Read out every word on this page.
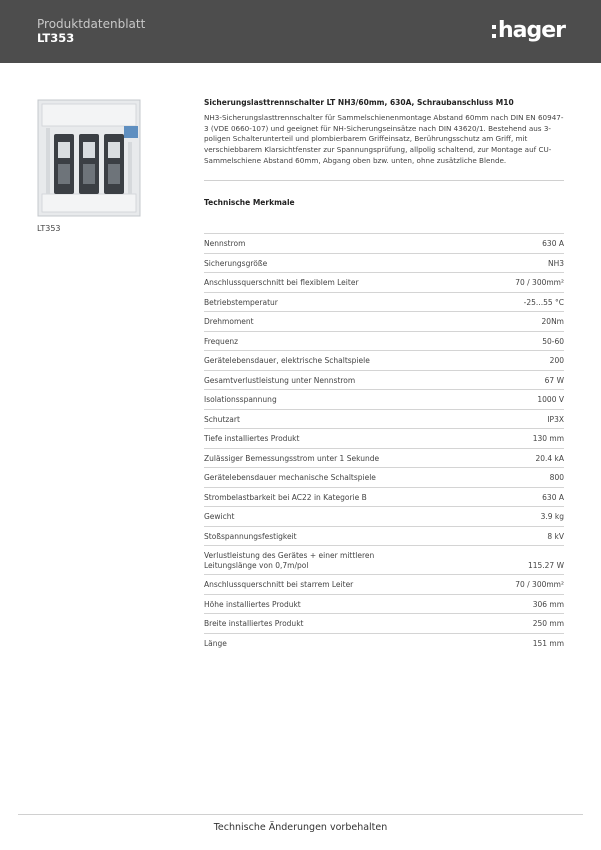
Produktdatenblatt
LT353	hager
LT353
Sicherungslasttrennschalter LT NH3/60mm, 630A, Schraubanschluss M10
NH3-Sicherungslasttrennschalter für Sammelschienenmontage Abstand 60mm nach DIN EN 60947-3 (VDE 0660-107) und geeignet für NH-Sicherungseinsätze nach DIN 43620/1. Bestehend aus 3-poligen Schalterunterteil und plombierbarem Griffeinsatz, Berührungsschutz am Griff, mit verschiebbarem Klarsichtfenster zur Spannungsprüfung, allpolig schaltend, zur Montage auf CU-Sammelschiene Abstand 60mm, Abgang oben bzw. unten, ohne zusätzliche Blende.
Technische Merkmale
Nennstrom	630 A
Sicherungsgröße	NH3
Anschlussquerschnitt bei flexiblem Leiter	70 / 300mm²
Betriebstemperatur	-25...55 °C
Drehmoment	20Nm
Frequenz	50-60
Gerätelebensdauer, elektrische Schaltspiele	200
Gesamtverlustleistung unter Nennstrom	67 W
Isolationsspannung	1000 V
Schutzart	IP3X
Tiefe installiertes Produkt	130 mm
Zulässiger Bemessungsstrom unter 1 Sekunde	20.4 kA
Gerätelebensdauer mechanische Schaltspiele	800
Strombelastbarkeit bei AC22 in Kategorie B	630 A
Gewicht	3.9 kg
Stoßspannungsfestigkeit	8 kV
Verlustleistung des Gerätes + einer mittleren Leitungslänge von 0,7m/pol	115.27 W
Anschlussquerschnitt bei starrem Leiter	70 / 300mm²
Höhe installiertes Produkt	306 mm
Breite installiertes Produkt	250 mm
Länge	151 mm
Technische Änderungen vorbehalten
